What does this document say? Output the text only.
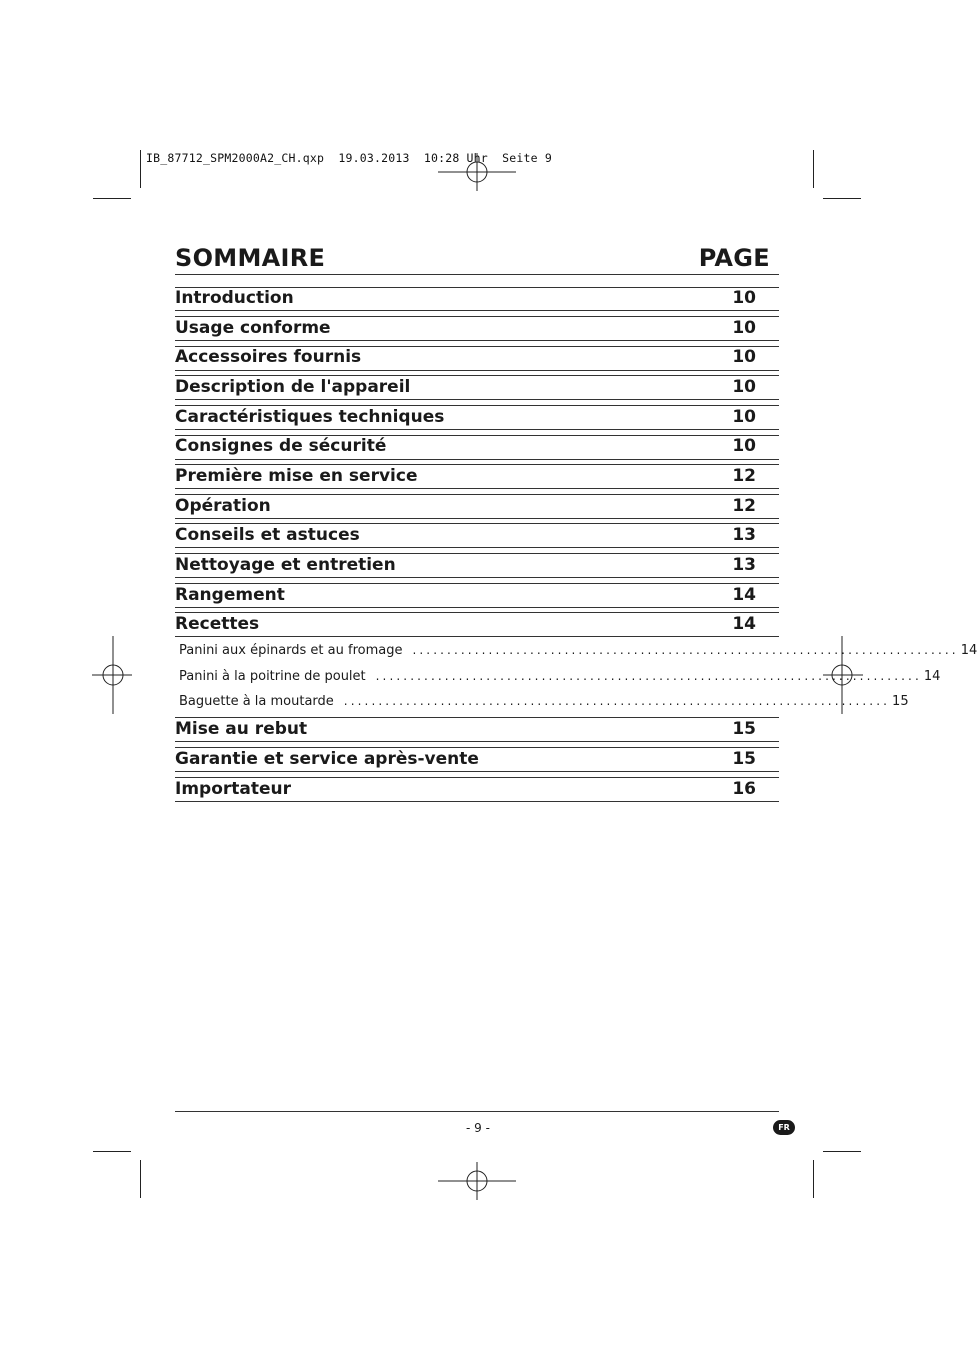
IB_87712_SPM2000A2_CH.qxp  19.03.2013  10:28 Uhr  Seite 9
SOMMAIRE	PAGE
Introduction	10
Usage conforme	10
Accessoires fournis	10
Description de l'appareil	10
Caractéristiques techniques	10
Consignes de sécurité	10
Première mise en service	12
Opération	12
Conseils et astuces	13
Nettoyage et entretien	13
Rangement	14
Recettes	14
Panini aux épinards et au fromage ............................................................................... 14
Panini à la poitrine de poulet ............................................................................... 14
Baguette à la moutarde ............................................................................... 15
Mise au rebut	15
Garantie et service après-vente	15
Importateur	16
- 9 -	FR
